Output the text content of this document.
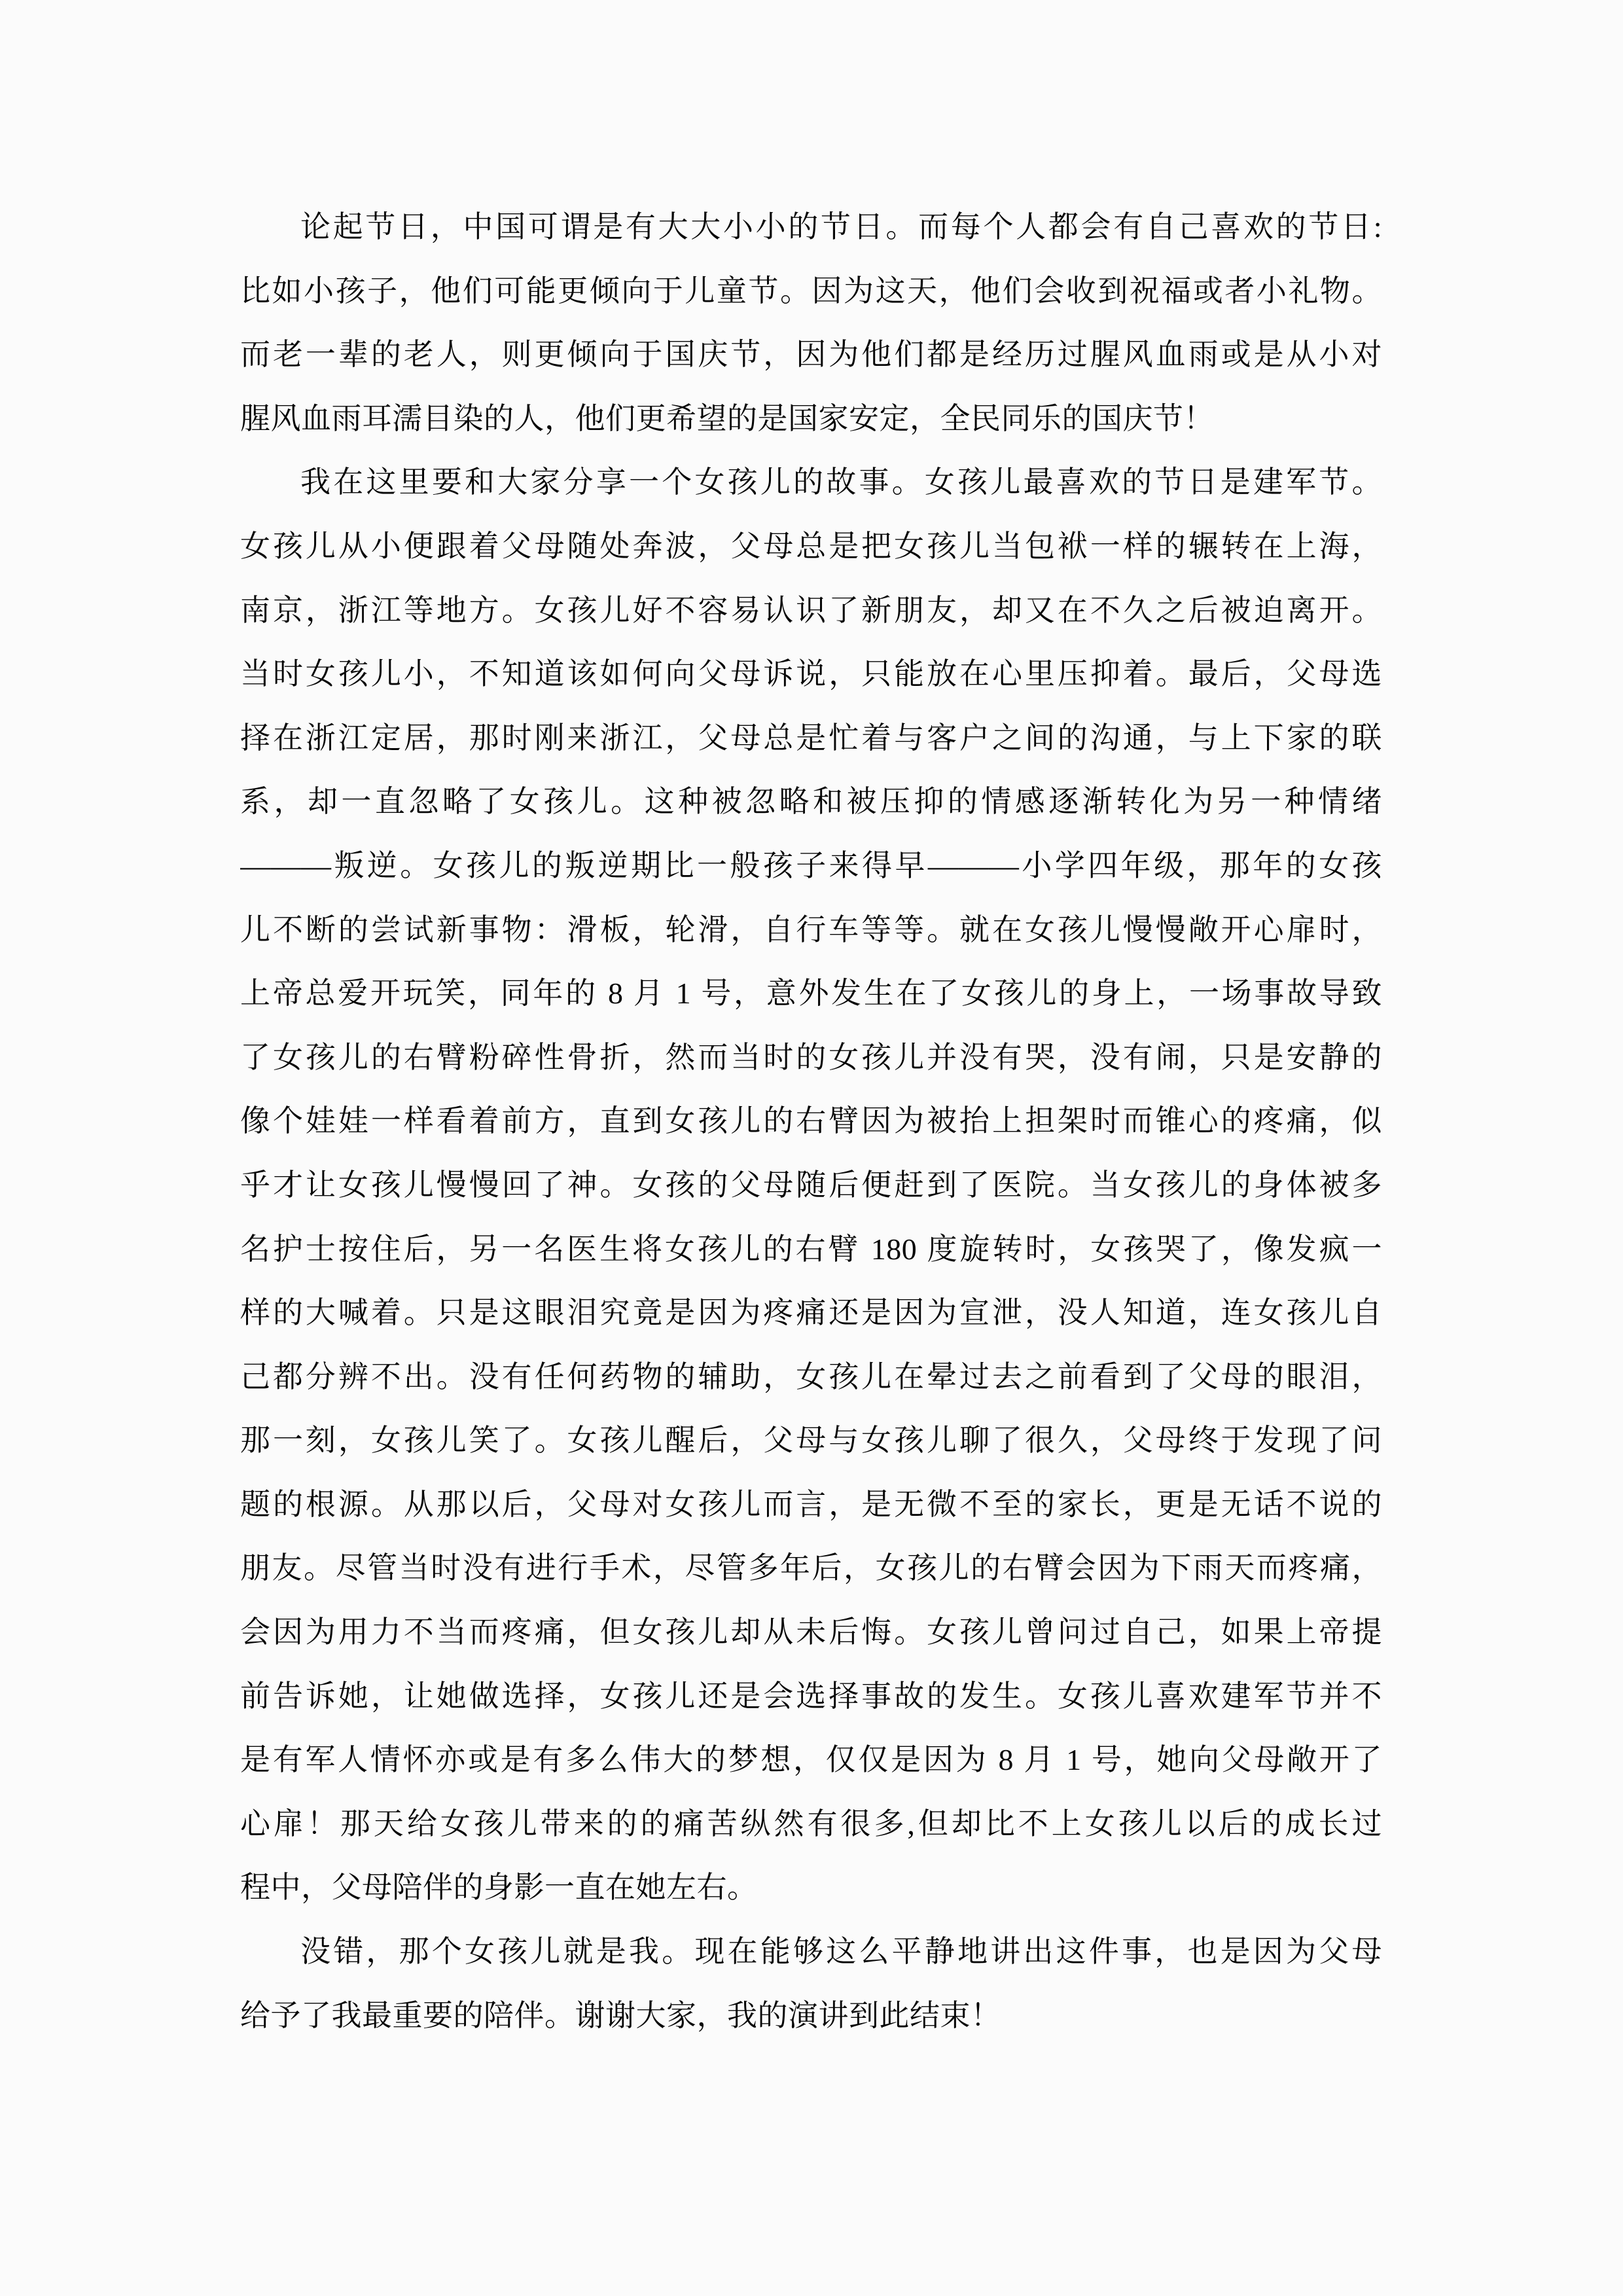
论起节日，中国可谓是有大大小小的节日。而每个人都会有自己喜欢的节日:
比如小孩子，他们可能更倾向于儿童节。因为这天，他们会收到祝福或者小礼物。
而老一辈的老人，则更倾向于国庆节，因为他们都是经历过腥风血雨或是从小对
腥风血雨耳濡目染的人，他们更希望的是国家安定，全民同乐的国庆节！
我在这里要和大家分享一个女孩儿的故事。女孩儿最喜欢的节日是建军节。
女孩儿从小便跟着父母随处奔波，父母总是把女孩儿当包袱一样的辗转在上海，
南京，浙江等地方。女孩儿好不容易认识了新朋友，却又在不久之后被迫离开。
当时女孩儿小，不知道该如何向父母诉说，只能放在心里压抑着。最后，父母选
择在浙江定居，那时刚来浙江，父母总是忙着与客户之间的沟通，与上下家的联
系，却一直忽略了女孩儿。这种被忽略和被压抑的情感逐渐转化为另一种情绪
———叛逆。女孩儿的叛逆期比一般孩子来得早———小学四年级，那年的女孩
儿不断的尝试新事物：滑板，轮滑，自行车等等。就在女孩儿慢慢敞开心扉时，
上帝总爱开玩笑，同年的 8 月 1 号，意外发生在了女孩儿的身上，一场事故导致
了女孩儿的右臂粉碎性骨折，然而当时的女孩儿并没有哭，没有闹，只是安静的
像个娃娃一样看着前方，直到女孩儿的右臂因为被抬上担架时而锥心的疼痛，似
乎才让女孩儿慢慢回了神。女孩的父母随后便赶到了医院。当女孩儿的身体被多
名护士按住后，另一名医生将女孩儿的右臂 180 度旋转时，女孩哭了，像发疯一
样的大喊着。只是这眼泪究竟是因为疼痛还是因为宣泄，没人知道，连女孩儿自
己都分辨不出。没有任何药物的辅助，女孩儿在晕过去之前看到了父母的眼泪，
那一刻，女孩儿笑了。女孩儿醒后，父母与女孩儿聊了很久，父母终于发现了问
题的根源。从那以后，父母对女孩儿而言，是无微不至的家长，更是无话不说的
朋友。尽管当时没有进行手术，尽管多年后，女孩儿的右臂会因为下雨天而疼痛，
会因为用力不当而疼痛，但女孩儿却从未后悔。女孩儿曾问过自己，如果上帝提
前告诉她，让她做选择，女孩儿还是会选择事故的发生。女孩儿喜欢建军节并不
是有军人情怀亦或是有多么伟大的梦想，仅仅是因为 8 月 1 号，她向父母敞开了
心扉！那天给女孩儿带来的的痛苦纵然有很多,但却比不上女孩儿以后的成长过
程中，父母陪伴的身影一直在她左右。
没错，那个女孩儿就是我。现在能够这么平静地讲出这件事，也是因为父母
给予了我最重要的陪伴。谢谢大家，我的演讲到此结束！
